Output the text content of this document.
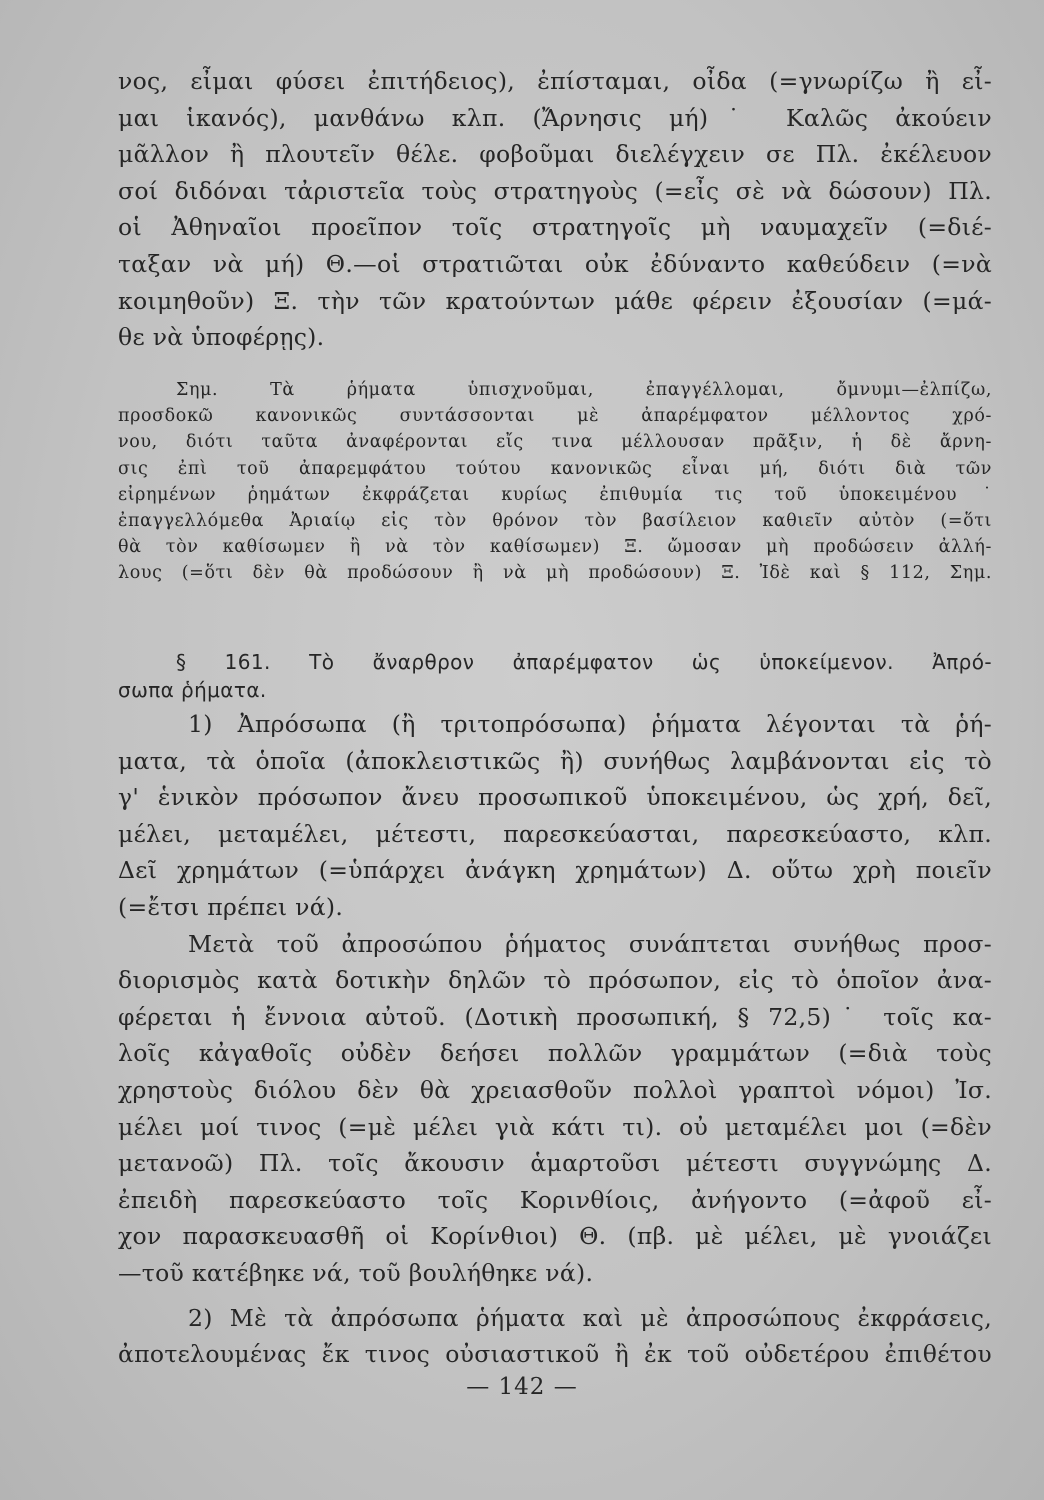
νος, εἶμαι φύσει ἐπιτήδειος), ἐπίσταμαι, οἶδα (=γνωρίζω ἢ εἶ-
μαι ἱκανός), μανθάνω κλπ. (Ἄρνησις μή)˙ Καλῶς ἀκούειν
μᾶλλον ἢ πλουτεῖν θέλε. φοβοῦμαι διελέγχειν σε Πλ. ἐκέλευον
σοί διδόναι τἀριστεῖα τοὺς στρατηγοὺς (=εἶς σὲ νὰ δώσουν) Πλ.
οἱ Ἀθηναῖοι προεῖπον τοῖς στρατηγοῖς μὴ ναυμαχεῖν (=διέ-
ταξαν νὰ μή) Θ.—οἱ στρατιῶται οὐκ ἐδύναντο καθεύδειν (=νὰ
κοιμηθοῦν) Ξ. τὴν τῶν κρατούντων μάθε φέρειν ἐξουσίαν (=μά-
θε νὰ ὑποφέρῃς).
Σημ. Τὰ ῥήματα ὑπισχνοῦμαι, ἐπαγγέλλομαι, ὄμνυμι—ἐλπίζω,
προσδοκῶ κανονικῶς συντάσσονται μὲ ἀπαρέμφατον μέλλοντος χρό-
νου, διότι ταῦτα ἀναφέρονται εἴς τινα μέλλουσαν πρᾶξιν, ἡ δὲ ἄρνη-
σις ἐπὶ τοῦ ἀπαρεμφάτου τούτου κανονικῶς εἶναι μή, διότι διὰ τῶν
εἰρημένων ῥημάτων ἐκφράζεται κυρίως ἐπιθυμία τις τοῦ ὑποκειμένου˙
ἐπαγγελλόμεθα Ἀριαίῳ εἰς τὸν θρόνον τὸν βασίλειον καθιεῖν αὐτὸν (=ὅτι
θὰ τὸν καθίσωμεν ἢ νὰ τὸν καθίσωμεν) Ξ. ὤμοσαν μὴ προδώσειν ἀλλή-
λους (=ὅτι δὲν θὰ προδώσουν ἢ νὰ μὴ προδώσουν) Ξ. Ἰδὲ καὶ § 112, Σημ.
§ 161. Τὸ ἄναρθρον ἀπαρέμφατον ὡς ὑποκείμενον. Ἀπρό-
σωπα ῥήματα.
1) Ἀπρόσωπα (ἢ τριτοπρόσωπα) ῥήματα λέγονται τὰ ῥή-
ματα, τὰ ὁποῖα (ἀποκλειστικῶς ἢ) συνήθως λαμβάνονται εἰς τὸ
γ' ἑνικὸν πρόσωπον ἄνευ προσωπικοῦ ὑποκειμένου, ὡς χρή, δεῖ,
μέλει, μεταμέλει, μέτεστι, παρεσκεύασται, παρεσκεύαστο, κλπ.
Δεῖ χρημάτων (=ὑπάρχει ἀνάγκη χρημάτων) Δ. οὕτω χρὴ ποιεῖν
(=ἔτσι πρέπει νά).
Μετὰ τοῦ ἀπροσώπου ῥήματος συνάπτεται συνήθως προσ-
διορισμὸς κατὰ δοτικὴν δηλῶν τὸ πρόσωπον, εἰς τὸ ὁποῖον ἀνα-
φέρεται ἡ ἔννοια αὐτοῦ. (Δοτικὴ προσωπική, § 72,5)˙ τοῖς κα-
λοῖς κἀγαθοῖς οὐδὲν δεήσει πολλῶν γραμμάτων (=διὰ τοὺς
χρηστοὺς διόλου δὲν θὰ χρειασθοῦν πολλοὶ γραπτοὶ νόμοι) Ἰσ.
μέλει μοί τινος (=μὲ μέλει γιὰ κάτι τι). οὐ μεταμέλει μοι (=δὲν
μετανοῶ) Πλ. τοῖς ἄκουσιν ἁμαρτοῦσι μέτεστι συγγνώμης Δ.
ἐπειδὴ παρεσκεύαστο τοῖς Κορινθίοις, ἀνήγοντο (=ἀφοῦ εἶ-
χον παρασκευασθῆ οἱ Κορίνθιοι) Θ. (πβ. μὲ μέλει, μὲ γνοιάζει
—τοῦ κατέβηκε νά, τοῦ βουλήθηκε νά).
2) Μὲ τὰ ἀπρόσωπα ῥήματα καὶ μὲ ἀπροσώπους ἐκφράσεις,
ἀποτελουμένας ἔκ τινος οὐσιαστικοῦ ἢ ἐκ τοῦ οὐδετέρου ἐπιθέτου
— 142 —
